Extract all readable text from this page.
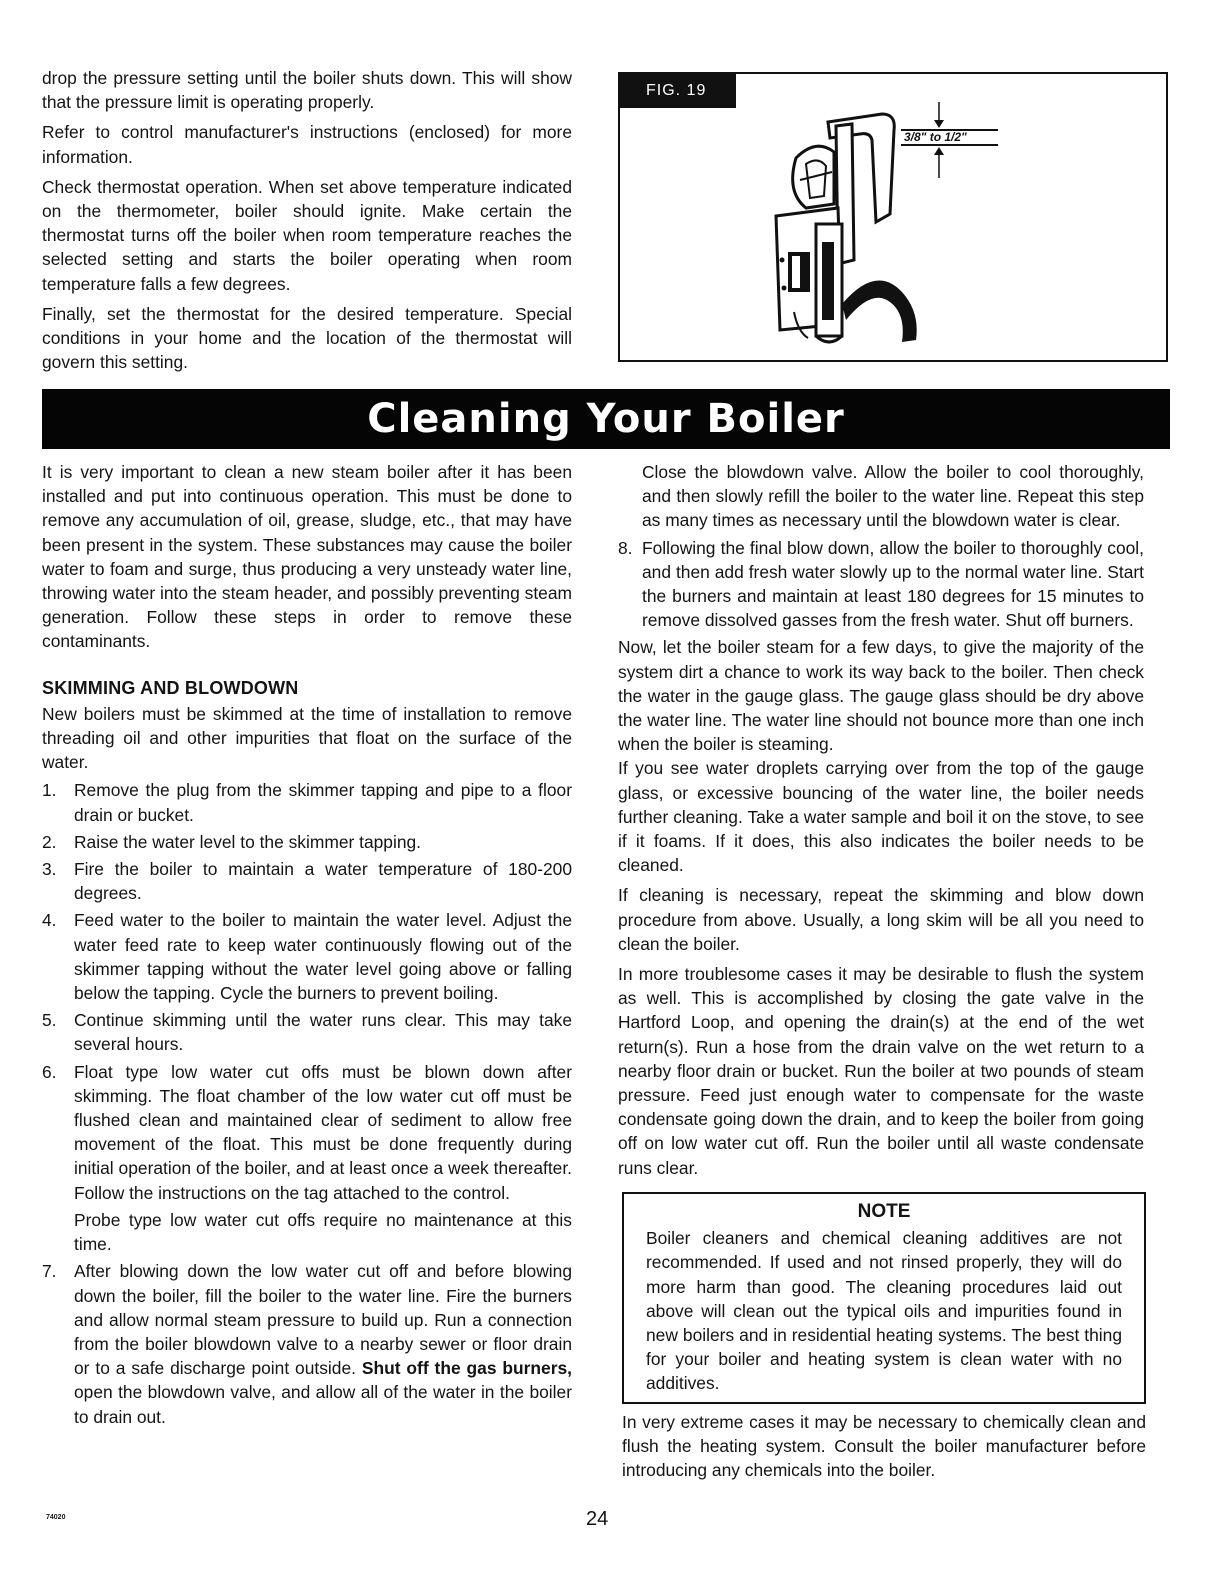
drop the pressure setting until the boiler shuts down. This will show that the pressure limit is operating properly.

Refer to control manufacturer's instructions (enclosed) for more information.

Check thermostat operation. When set above temperature indicated on the thermometer, boiler should ignite. Make certain the thermostat turns off the boiler when room temperature reaches the selected setting and starts the boiler operating when room temperature falls a few degrees.

Finally, set the thermostat for the desired temperature. Special conditions in your home and the location of the thermostat will govern this setting.

FIG. 19
3/8" to 1/2"
Cleaning Your Boiler

It is very important to clean a new steam boiler after it has been installed and put into continuous operation. This must be done to remove any accumulation of oil, grease, sludge, etc., that may have been present in the system. These substances may cause the boiler water to foam and surge, thus producing a very unsteady water line, throwing water into the steam header, and possibly preventing steam generation. Follow these steps in order to remove these contaminants.

SKIMMING AND BLOWDOWN

New boilers must be skimmed at the time of installation to remove threading oil and other impurities that float on the surface of the water.

1. Remove the plug from the skimmer tapping and pipe to a floor drain or bucket.
2. Raise the water level to the skimmer tapping.
3. Fire the boiler to maintain a water temperature of 180-200 degrees.
4. Feed water to the boiler to maintain the water level. Adjust the water feed rate to keep water continuously flowing out of the skimmer tapping without the water level going above or falling below the tapping. Cycle the burners to prevent boiling.
5. Continue skimming until the water runs clear. This may take several hours.
6. Float type low water cut offs must be blown down after skimming. The float chamber of the low water cut off must be flushed clean and maintained clear of sediment to allow free movement of the float. This must be done frequently during initial operation of the boiler, and at least once a week thereafter. Follow the instructions on the tag attached to the control.
Probe type low water cut offs require no maintenance at this time.
7. After blowing down the low water cut off and before blowing down the boiler, fill the boiler to the water line. Fire the burners and allow normal steam pressure to build up. Run a connection from the boiler blowdown valve to a nearby sewer or floor drain or to a safe discharge point outside. Shut off the gas burners, open the blowdown valve, and allow all of the water in the boiler to drain out.

Close the blowdown valve. Allow the boiler to cool thoroughly, and then slowly refill the boiler to the water line. Repeat this step as many times as necessary until the blowdown water is clear.

8. Following the final blow down, allow the boiler to thoroughly cool, and then add fresh water slowly up to the normal water line. Start the burners and maintain at least 180 degrees for 15 minutes to remove dissolved gasses from the fresh water. Shut off burners.

Now, let the boiler steam for a few days, to give the majority of the system dirt a chance to work its way back to the boiler. Then check the water in the gauge glass. The gauge glass should be dry above the water line. The water line should not bounce more than one inch when the boiler is steaming.

If you see water droplets carrying over from the top of the gauge glass, or excessive bouncing of the water line, the boiler needs further cleaning. Take a water sample and boil it on the stove, to see if it foams. If it does, this also indicates the boiler needs to be cleaned.

If cleaning is necessary, repeat the skimming and blow down procedure from above. Usually, a long skim will be all you need to clean the boiler.

In more troublesome cases it may be desirable to flush the system as well. This is accomplished by closing the gate valve in the Hartford Loop, and opening the drain(s) at the end of the wet return(s). Run a hose from the drain valve on the wet return to a nearby floor drain or bucket. Run the boiler at two pounds of steam pressure. Feed just enough water to compensate for the waste condensate going down the drain, and to keep the boiler from going off on low water cut off. Run the boiler until all waste condensate runs clear.

NOTE
Boiler cleaners and chemical cleaning additives are not recommended. If used and not rinsed properly, they will do more harm than good. The cleaning procedures laid out above will clean out the typical oils and impurities found in new boilers and in residential heating systems. The best thing for your boiler and heating system is clean water with no additives.
In very extreme cases it may be necessary to chemically clean and flush the heating system. Consult the boiler manufacturer before introducing any chemicals into the boiler.
74020	24
